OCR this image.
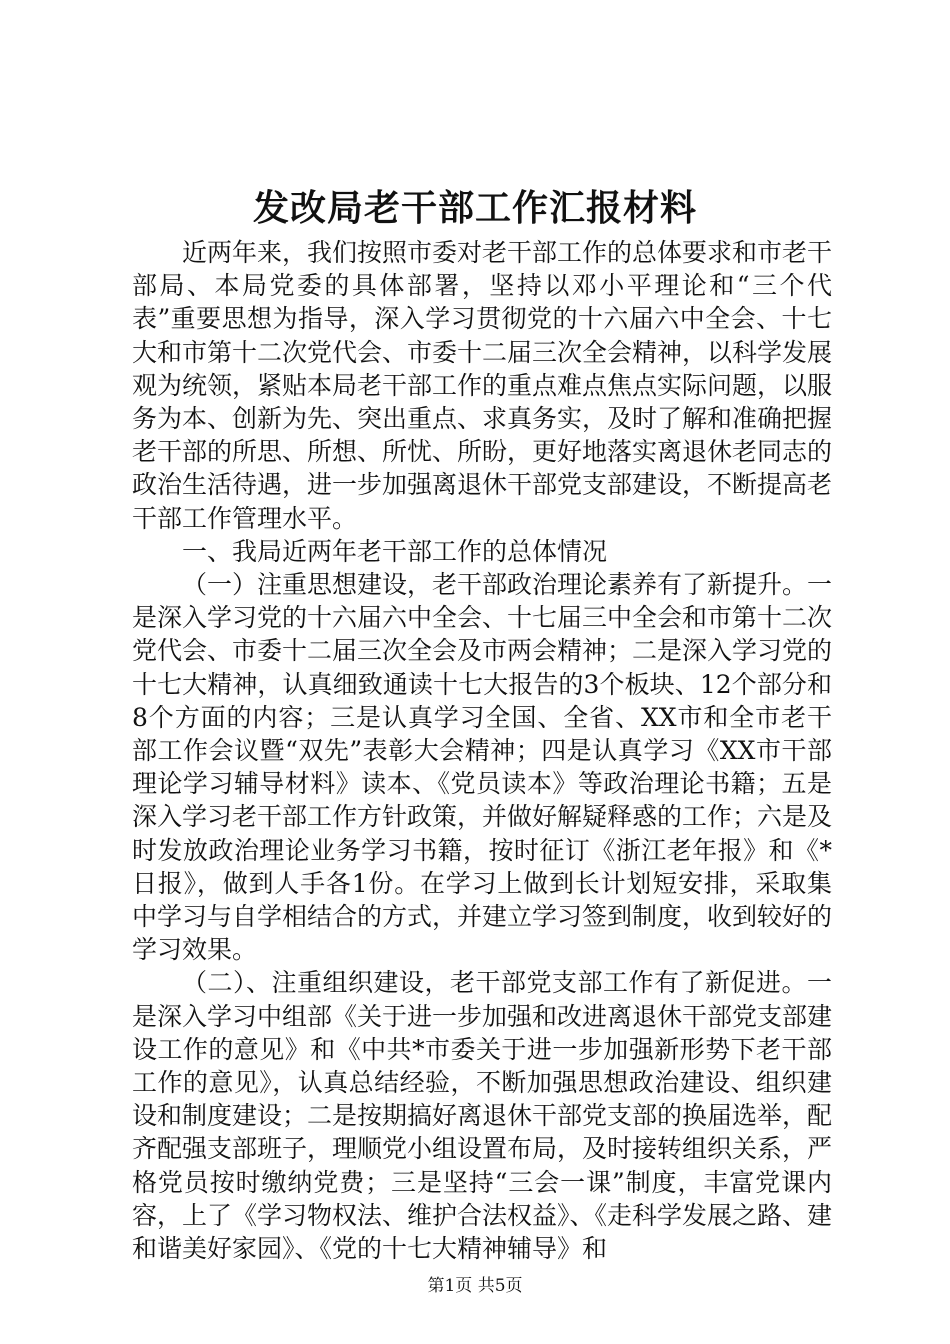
发改局老干部工作汇报材料

近两年来，我们按照市委对老干部工作的总体要求和市老干部局、本局党委的具体部署，坚持以邓小平理论和“三个代表”重要思想为指导，深入学习贯彻党的十六届六中全会、十七大和市第十二次党代会、市委十二届三次全会精神，以科学发展观为统领，紧贴本局老干部工作的重点难点焦点实际问题，以服务为本、创新为先、突出重点、求真务实，及时了解和准确把握老干部的所思、所想、所忧、所盼，更好地落实离退休老同志的政治生活待遇，进一步加强离退休干部党支部建设，不断提高老干部工作管理水平。

一、我局近两年老干部工作的总体情况

（一）注重思想建设，老干部政治理论素养有了新提升。一是深入学习党的十六届六中全会、十七届三中全会和市第十二次党代会、市委十二届三次全会及市两会精神；二是深入学习党的十七大精神，认真细致通读十七大报告的3个板块、12个部分和8个方面的内容；三是认真学习全国、全省、XX市和全市老干部工作会议暨“双先”表彰大会精神；四是认真学习《XX市干部理论学习辅导材料》读本、《党员读本》等政治理论书籍；五是深入学习老干部工作方针政策，并做好解疑释惑的工作；六是及时发放政治理论业务学习书籍，按时征订《浙江老年报》和《*日报》，做到人手各1份。在学习上做到长计划短安排，采取集中学习与自学相结合的方式，并建立学习签到制度，收到较好的学习效果。

（二）、注重组织建设，老干部党支部工作有了新促进。一是深入学习中组部《关于进一步加强和改进离退休干部党支部建设工作的意见》和《中共*市委关于进一步加强新形势下老干部工作的意见》，认真总结经验，不断加强思想政治建设、组织建设和制度建设；二是按期搞好离退休干部党支部的换届选举，配齐配强支部班子，理顺党小组设置布局，及时接转组织关系，严格党员按时缴纳党费；三是坚持“三会一课”制度，丰富党课内容，上了《学习物权法、维护合法权益》、《走科学发展之路、建和谐美好家园》、《党的十七大精神辅导》和

第1页 共5页
